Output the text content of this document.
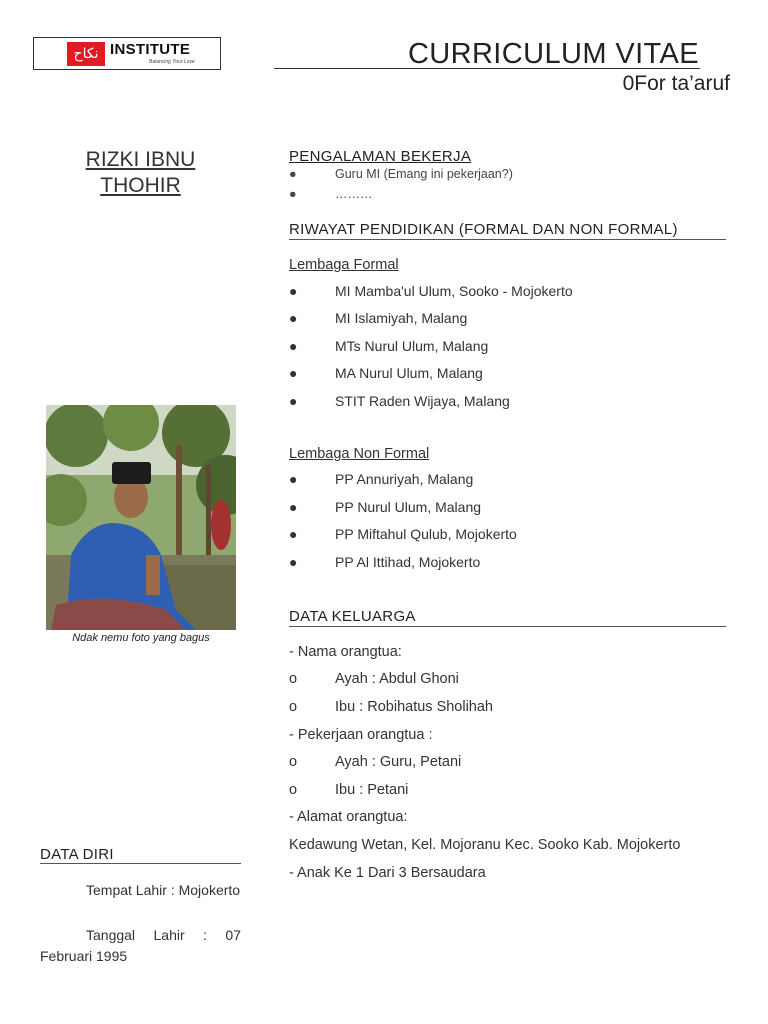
نكاح INSTITUTE
Balancing Your Love	CURRICULUM VITAE
0For ta’aruf
RIZKI IBNU
THOHIR
Ndak nemu foto yang bagus
DATA DIRI
Tempat Lahir : Mojokerto
Tanggal Lahir : 07 Februari 1995
PENGALAMAN BEKERJA
●	Guru MI (Emang ini pekerjaan?)
●	………
RIWAYAT PENDIDIKAN (FORMAL DAN NON FORMAL)
Lembaga Formal
●	MI Mamba'ul Ulum, Sooko - Mojokerto
●	MI Islamiyah, Malang
●	MTs Nurul Ulum, Malang
●	MA Nurul Ulum, Malang
●	STIT Raden Wijaya, Malang
Lembaga Non Formal
●	PP Annuriyah, Malang
●	PP Nurul Ulum, Malang
●	PP Miftahul Qulub, Mojokerto
●	PP Al Ittihad, Mojokerto
DATA KELUARGA
- Nama orangtua:
o	Ayah : Abdul Ghoni
o	Ibu : Robihatus Sholihah
- Pekerjaan orangtua :
o	Ayah : Guru, Petani
o	Ibu : Petani
- Alamat orangtua:
Kedawung Wetan, Kel. Mojoranu Kec. Sooko Kab. Mojokerto
- Anak Ke 1 Dari 3 Bersaudara
